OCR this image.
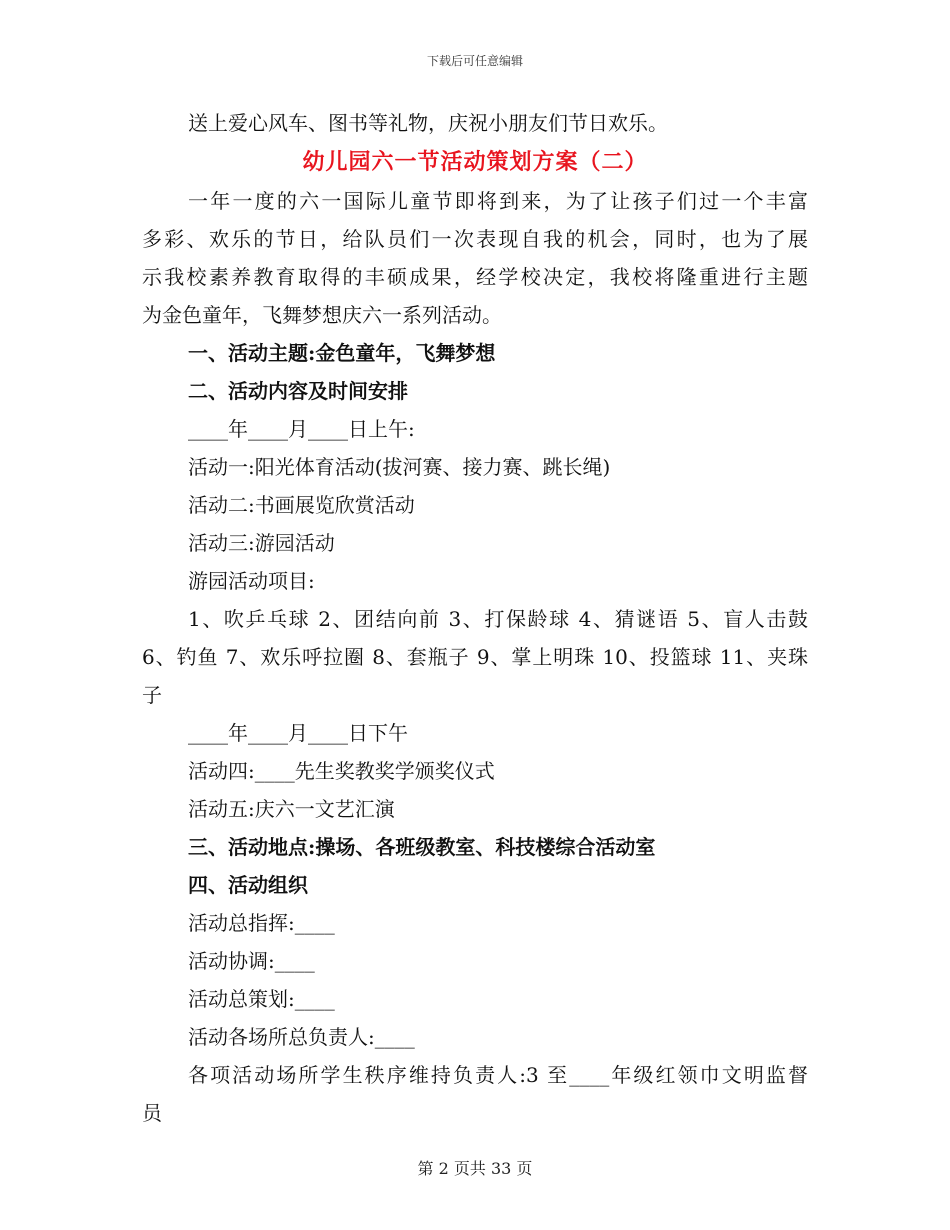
下载后可任意编辑
送上爱心风车、图书等礼物，庆祝小朋友们节日欢乐。
幼儿园六一节活动策划方案（二）
一年一度的六一国际儿童节即将到来，为了让孩子们过一个丰富
多彩、欢乐的节日，给队员们一次表现自我的机会，同时，也为了展
示我校素养教育取得的丰硕成果，经学校决定，我校将隆重进行主题
为金色童年，飞舞梦想庆六一系列活动。
一、活动主题:金色童年，飞舞梦想
二、活动内容及时间安排
____年____月____日上午:
活动一:阳光体育活动(拔河赛、接力赛、跳长绳)
活动二:书画展览欣赏活动
活动三:游园活动
游园活动项目:
1、吹乒乓球 2、团结向前 3、打保龄球 4、猜谜语 5、盲人击鼓
6、钓鱼 7、欢乐呼拉圈 8、套瓶子 9、掌上明珠 10、投篮球 11、夹珠
子
____年____月____日下午
活动四:____先生奖教奖学颁奖仪式
活动五:庆六一文艺汇演
三、活动地点:操场、各班级教室、科技楼综合活动室
四、活动组织
活动总指挥:____
活动协调:____
活动总策划:____
活动各场所总负责人:____
各项活动场所学生秩序维持负责人:3 至____年级红领巾文明监督
员
第 2 页共 33 页
